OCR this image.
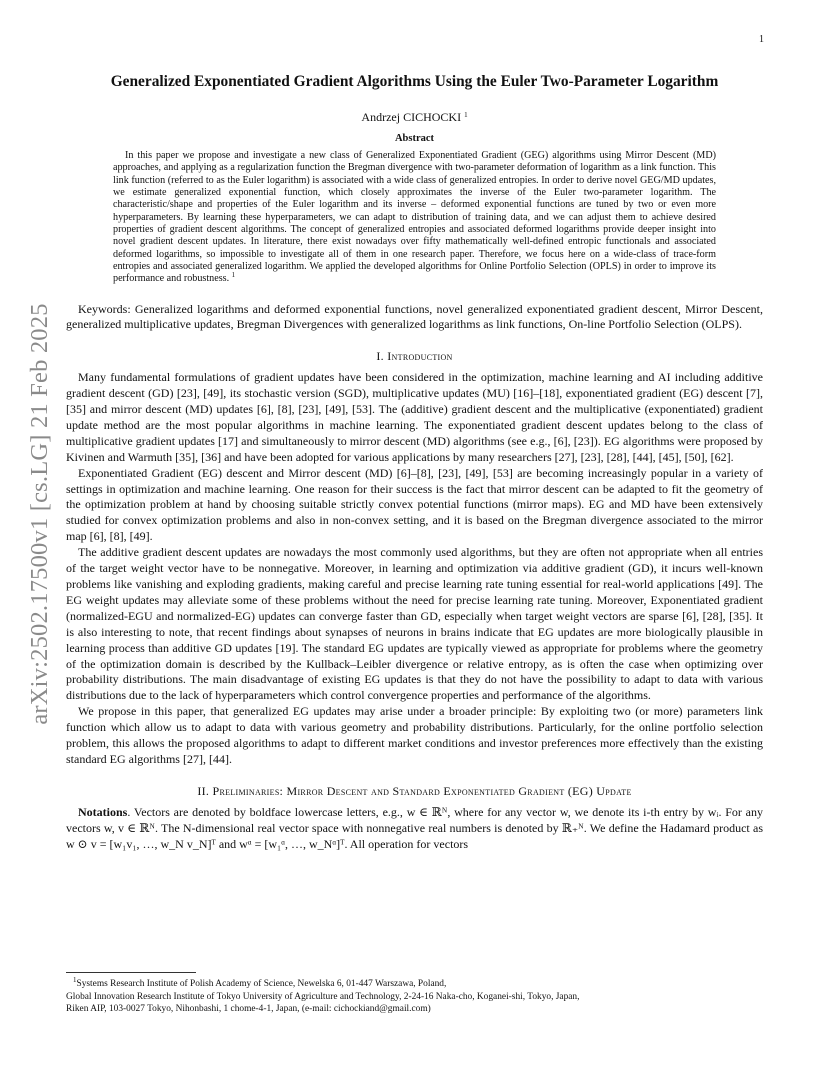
1
arXiv:2502.17500v1 [cs.LG] 21 Feb 2025
Generalized Exponentiated Gradient Algorithms Using the Euler Two-Parameter Logarithm
Andrzej CICHOCKI $^1$
Abstract
In this paper we propose and investigate a new class of Generalized Exponentiated Gradient (GEG) algorithms using Mirror Descent (MD) approaches, and applying as a regularization function the Bregman divergence with two-parameter deformation of logarithm as a link function. This link function (referred to as the Euler logarithm) is associated with a wide class of generalized entropies. In order to derive novel GEG/MD updates, we estimate generalized exponential function, which closely approximates the inverse of the Euler two-parameter logarithm. The characteristic/shape and properties of the Euler logarithm and its inverse – deformed exponential functions are tuned by two or even more hyperparameters. By learning these hyperparameters, we can adapt to distribution of training data, and we can adjust them to achieve desired properties of gradient descent algorithms. The concept of generalized entropies and associated deformed logarithms provide deeper insight into novel gradient descent updates. In literature, there exist nowadays over fifty mathematically well-defined entropic functionals and associated deformed logarithms, so impossible to investigate all of them in one research paper. Therefore, we focus here on a wide-class of trace-form entropies and associated generalized logarithm. We applied the developed algorithms for Online Portfolio Selection (OPLS) in order to improve its performance and robustness. $^1$
Keywords: Generalized logarithms and deformed exponential functions, novel generalized exponentiated gradient descent, Mirror Descent, generalized multiplicative updates, Bregman Divergences with generalized logarithms as link functions, On-line Portfolio Selection (OLPS).
I. Introduction

Many fundamental formulations of gradient updates have been considered in the optimization, machine learning and AI including additive gradient descent (GD) [23], [49], its stochastic version (SGD), multiplicative updates (MU) [16]–[18], exponentiated gradient (EG) descent [7], [35] and mirror descent (MD) updates [6], [8], [23], [49], [53]. The (additive) gradient descent and the multiplicative (exponentiated) gradient update method are the most popular algorithms in machine learning. The exponentiated gradient descent updates belong to the class of multiplicative gradient updates [17] and simultaneously to mirror descent (MD) algorithms (see e.g., [6], [23]). EG algorithms were proposed by Kivinen and Warmuth [35], [36] and have been adopted for various applications by many researchers [27], [23], [28], [44], [45], [50], [62].

Exponentiated Gradient (EG) descent and Mirror descent (MD) [6]–[8], [23], [49], [53] are becoming increasingly popular in a variety of settings in optimization and machine learning. One reason for their success is the fact that mirror descent can be adapted to fit the geometry of the optimization problem at hand by choosing suitable strictly convex potential functions (mirror maps). EG and MD have been extensively studied for convex optimization problems and also in non-convex setting, and it is based on the Bregman divergence associated to the mirror map [6], [8], [49].

The additive gradient descent updates are nowadays the most commonly used algorithms, but they are often not appropriate when all entries of the target weight vector have to be nonnegative. Moreover, in learning and optimization via additive gradient (GD), it incurs well-known problems like vanishing and exploding gradients, making careful and precise learning rate tuning essential for real-world applications [49]. The EG weight updates may alleviate some of these problems without the need for precise learning rate tuning. Moreover, Exponentiated gradient (normalized-EGU and normalized-EG) updates can converge faster than GD, especially when target weight vectors are sparse [6], [28], [35]. It is also interesting to note, that recent findings about synapses of neurons in brains indicate that EG updates are more biologically plausible in learning process than additive GD updates [19]. The standard EG updates are typically viewed as appropriate for problems where the geometry of the optimization domain is described by the Kullback–Leibler divergence or relative entropy, as is often the case when optimizing over probability distributions. The main disadvantage of existing EG updates is that they do not have the possibility to adapt to data with various distributions due to the lack of hyperparameters which control convergence properties and performance of the algorithms.

We propose in this paper, that generalized EG updates may arise under a broader principle: By exploiting two (or more) parameters link function which allow us to adapt to data with various geometry and probability distributions. Particularly, for the online portfolio selection problem, this allows the proposed algorithms to adapt to different market conditions and investor preferences more effectively than the existing standard EG algorithms [27], [44].

II. Preliminaries: Mirror Descent and Standard Exponentiated Gradient (EG) Update

Notations. Vectors are denoted by boldface lowercase letters, e.g., w ∈ ℝᴺ, where for any vector w, we denote its i-th entry by wᵢ. For any vectors w, v ∈ ℝᴺ. The N-dimensional real vector space with nonnegative real numbers is denoted by ℝ₊ᴺ. We define the Hadamard product as w ⊙ v = [w₁v₁, …, w_N v_N]ᵀ and wᵅ = [w₁ᵅ, …, w_Nᵅ]ᵀ. All operation for vectors

$^1$Systems Research Institute of Polish Academy of Science, Newelska 6, 01-447 Warszawa, Poland,
Global Innovation Research Institute of Tokyo University of Agriculture and Technology, 2-24-16 Naka-cho, Koganei-shi, Tokyo, Japan,
Riken AIP, 103-0027 Tokyo, Nihonbashi, 1 chome-4-1, Japan, (e-mail: cichockiand@gmail.com)
